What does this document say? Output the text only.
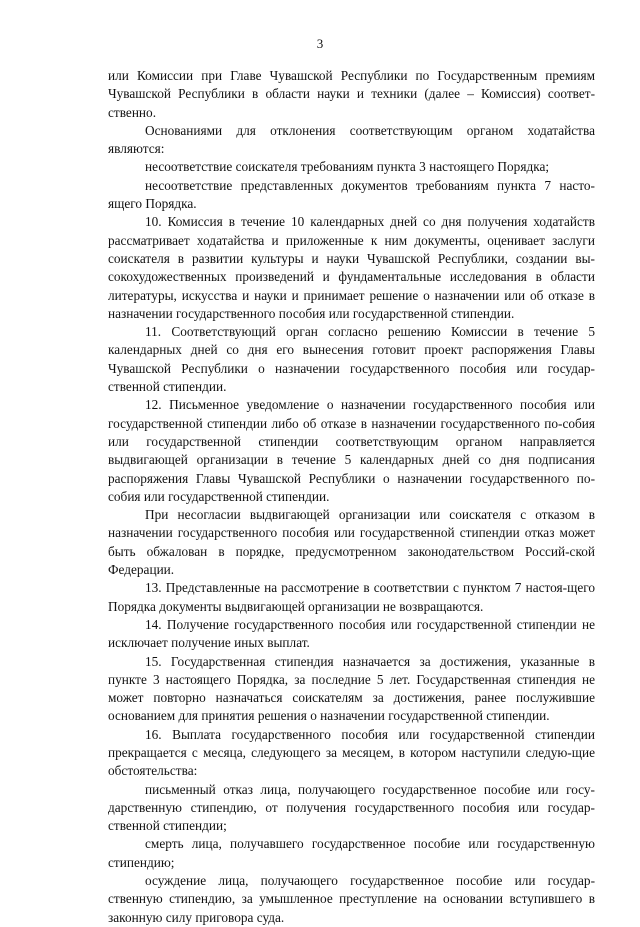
3

или Комиссии при Главе Чувашской Республики по Государственным премиям Чувашской Республики в области науки и техники (далее – Комиссия) соответ-ственно.

Основаниями для отклонения соответствующим органом ходатайства являются:

несоответствие соискателя требованиям пункта 3 настоящего Порядка;

несоответствие представленных документов требованиям пункта 7 насто-ящего Порядка.

10. Комиссия в течение 10 календарных дней со дня получения ходатайств рассматривает ходатайства и приложенные к ним документы, оценивает заслуги соискателя в развитии культуры и науки Чувашской Республики, создании вы-сокохудожественных произведений и фундаментальные исследования в области литературы, искусства и науки и принимает решение о назначении или об отказе в назначении государственного пособия или государственной стипендии.

11. Соответствующий орган согласно решению Комиссии в течение 5 календарных дней со дня его вынесения готовит проект распоряжения Главы Чувашской Республики о назначении государственного пособия или государ-ственной стипендии.

12. Письменное уведомление о назначении государственного пособия или государственной стипендии либо об отказе в назначении государственного по-собия или государственной стипендии соответствующим органом направляется выдвигающей организации в течение 5 календарных дней со дня подписания распоряжения Главы Чувашской Республики о назначении государственного по-собия или государственной стипендии.

При несогласии выдвигающей организации или соискателя с отказом в назначении государственного пособия или государственной стипендии отказ может быть обжалован в порядке, предусмотренном законодательством Россий-ской Федерации.

13. Представленные на рассмотрение в соответствии с пунктом 7 настоя-щего Порядка документы выдвигающей организации не возвращаются.

14. Получение государственного пособия или государственной стипендии не исключает получение иных выплат.

15. Государственная стипендия назначается за достижения, указанные в пункте 3 настоящего Порядка, за последние 5 лет. Государственная стипендия не может повторно назначаться соискателям за достижения, ранее послужившие основанием для принятия решения о назначении государственной стипендии.

16. Выплата государственного пособия или государственной стипендии прекращается с месяца, следующего за месяцем, в котором наступили следую-щие обстоятельства:

письменный отказ лица, получающего государственное пособие или госу-дарственную стипендию, от получения государственного пособия или государ-ственной стипендии;

смерть лица, получавшего государственное пособие или государственную стипендию;

осуждение лица, получающего государственное пособие или государ-ственную стипендию, за умышленное преступление на основании вступившего в законную силу приговора суда.
